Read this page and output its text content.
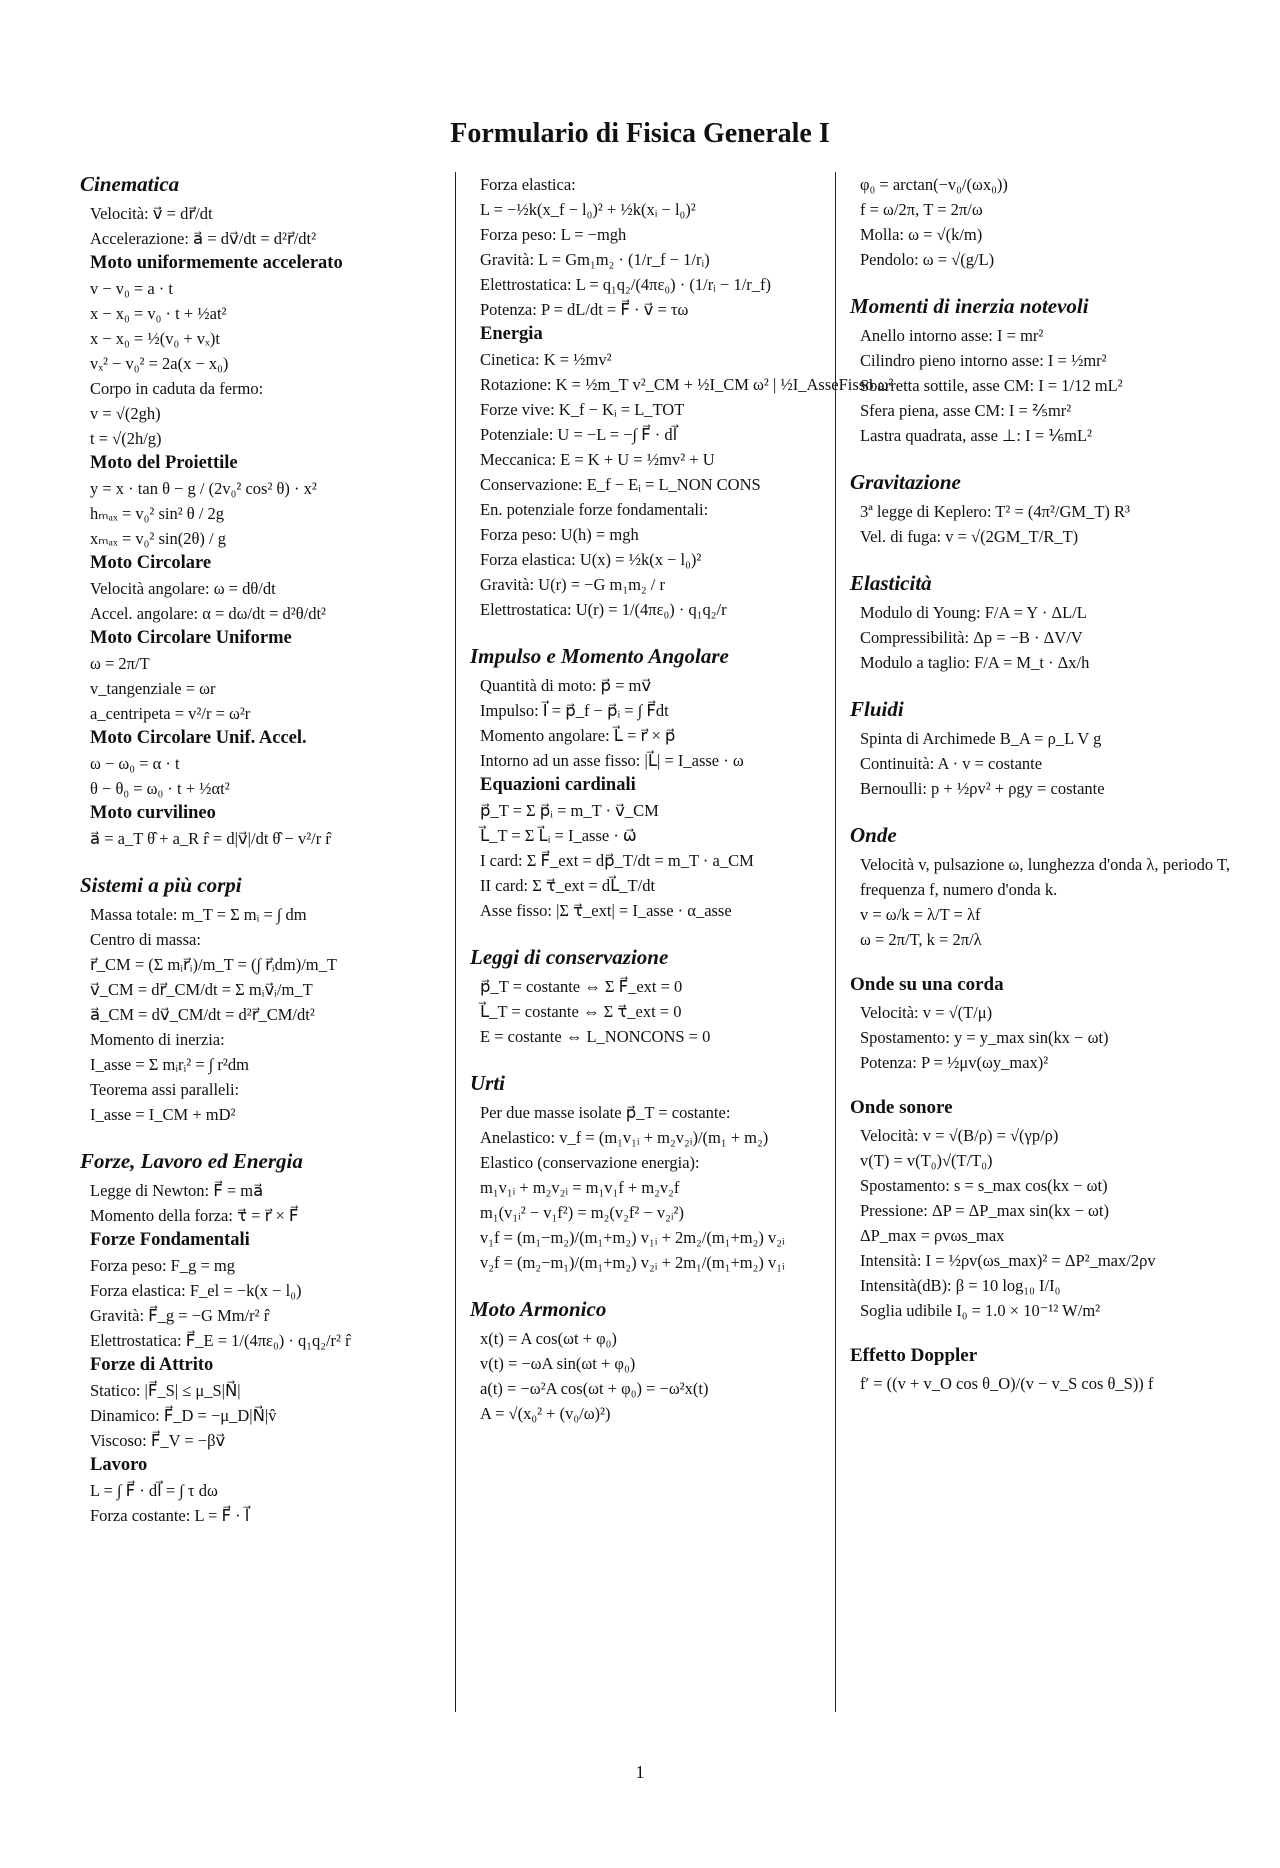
Formulario di Fisica Generale I
Cinematica
Velocità: v⃗ = dr⃗/dt
Accelerazione: a⃗ = dv⃗/dt = d²r⃗/dt²
Moto uniformemente accelerato
v − v₀ = a · t
x − x₀ = v₀ · t + ½at²
x − x₀ = ½(v₀ + vₓ)t
vₓ² − v₀² = 2a(x − x₀)
Corpo in caduta da fermo:
v = √(2gh)
t = √(2h/g)
Moto del Proiettile
y = x · tan θ − g / (2v₀² cos² θ) · x²
hₘₐₓ = v₀² sin² θ / 2g
xₘₐₓ = v₀² sin(2θ) / g
Moto Circolare
Velocità angolare: ω = dθ/dt
Accel. angolare: α = dω/dt = d²θ/dt²
Moto Circolare Uniforme
ω = 2π/T
v_tangenziale = ωr
a_centripeta = v²/r = ω²r
Moto Circolare Unif. Accel.
ω − ω₀ = α · t
θ − θ₀ = ω₀ · t + ½αt²
Moto curvilineo
a⃗ = a_T θ̂ + a_R r̂ = d|v⃗|/dt θ̂ − v²/r r̂
Sistemi a più corpi
Massa totale: m_T = Σ mᵢ = ∫ dm
Centro di massa:
r⃗_CM = (Σ mᵢr⃗ᵢ)/m_T = (∫ r⃗ᵢdm)/m_T
v⃗_CM = dr⃗_CM/dt = Σ mᵢv⃗ᵢ/m_T
a⃗_CM = dv⃗_CM/dt = d²r⃗_CM/dt²
Momento di inerzia:
I_asse = Σ mᵢrᵢ² = ∫ r²dm
Teorema assi paralleli:
I_asse = I_CM + mD²
Forze, Lavoro ed Energia
Legge di Newton: F⃗ = ma⃗
Momento della forza: τ⃗ = r⃗ × F⃗
Forze Fondamentali
Forza peso: F_g = mg
Forza elastica: F_el = −k(x − l₀)
Gravità: F⃗_g = −G Mm/r² r̂
Elettrostatica: F⃗_E = 1/(4πε₀) · q₁q₂/r² r̂
Forze di Attrito
Statico: |F⃗_S| ≤ μ_S|N⃗|
Dinamico: F⃗_D = −μ_D|N⃗|v̂
Viscoso: F⃗_V = −βv⃗
Lavoro
L = ∫ F⃗ · dl⃗ = ∫ τ dω
Forza costante: L = F⃗ · l⃗
Forza elastica:
L = −½k(x_f − l₀)² + ½k(xᵢ − l₀)²
Forza peso: L = −mgh
Gravità: L = Gm₁m₂ · (1/r_f − 1/rᵢ)
Elettrostatica: L = q₁q₂/(4πε₀) · (1/rᵢ − 1/r_f)
Potenza: P = dL/dt = F⃗ · v⃗ = τω
Energia
Cinetica: K = ½mv²
Rotazione: K = ½m_T v²_CM + ½I_CM ω² | ½I_AsseFisso ω²
Forze vive: K_f − Kᵢ = L_TOT
Potenziale: U = −L = −∫ F⃗ · dl⃗
Meccanica: E = K + U = ½mv² + U
Conservazione: E_f − Eᵢ = L_NON CONS
En. potenziale forze fondamentali:
Forza peso: U(h) = mgh
Forza elastica: U(x) = ½k(x − l₀)²
Gravità: U(r) = −G m₁m₂ / r
Elettrostatica: U(r) = 1/(4πε₀) · q₁q₂/r
Impulso e Momento Angolare
Quantità di moto: p⃗ = mv⃗
Impulso: I⃗ = p⃗_f − p⃗ᵢ = ∫ F⃗dt
Momento angolare: L⃗ = r⃗ × p⃗
Intorno ad un asse fisso: |L⃗| = I_asse · ω
Equazioni cardinali
p⃗_T = Σ p⃗ᵢ = m_T · v⃗_CM
L⃗_T = Σ L⃗ᵢ = I_asse · ω⃗
I card: Σ F⃗_ext = dp⃗_T/dt = m_T · a_CM
II card: Σ τ⃗_ext = dL⃗_T/dt
Asse fisso: |Σ τ⃗_ext| = I_asse · α_asse
Leggi di conservazione
p⃗_T = costante ⇔ Σ F⃗_ext = 0
L⃗_T = costante ⇔ Σ τ⃗_ext = 0
E = costante ⇔ L_NONCONS = 0
Urti
Per due masse isolate p⃗_T = costante:
Anelastico: v_f = (m₁v₁ᵢ + m₂v₂ᵢ)/(m₁ + m₂)
Elastico (conservazione energia):
m₁v₁ᵢ + m₂v₂ᵢ = m₁v₁f + m₂v₂f
m₁(v₁ᵢ² − v₁f²) = m₂(v₂f² − v₂ᵢ²)
v₁f = (m₁−m₂)/(m₁+m₂) v₁ᵢ + 2m₂/(m₁+m₂) v₂ᵢ
v₂f = (m₂−m₁)/(m₁+m₂) v₂ᵢ + 2m₁/(m₁+m₂) v₁ᵢ
Moto Armonico
x(t) = A cos(ωt + φ₀)
v(t) = −ωA sin(ωt + φ₀)
a(t) = −ω²A cos(ωt + φ₀) = −ω²x(t)
A = √(x₀² + (v₀/ω)²)
φ₀ = arctan(−v₀/(ωx₀))
f = ω/2π, T = 2π/ω
Molla: ω = √(k/m)
Pendolo: ω = √(g/L)
Momenti di inerzia notevoli
Anello intorno asse: I = mr²
Cilindro pieno intorno asse: I = ½mr²
Sbarretta sottile, asse CM: I = 1/12 mL²
Sfera piena, asse CM: I = ⅖mr²
Lastra quadrata, asse ⊥: I = ⅙mL²
Gravitazione
3ª legge di Keplero: T² = (4π²/GM_T) R³
Vel. di fuga: v = √(2GM_T/R_T)
Elasticità
Modulo di Young: F/A = Y · ΔL/L
Compressibilità: Δp = −B · ΔV/V
Modulo a taglio: F/A = M_t · Δx/h
Fluidi
Spinta di Archimede B_A = ρ_L V g
Continuità: A · v = costante
Bernoulli: p + ½ρv² + ρgy = costante
Onde
Velocità v, pulsazione ω, lunghezza d'onda λ, periodo T, frequenza f, numero d'onda k.
v = ω/k = λ/T = λf
ω = 2π/T, k = 2π/λ
Onde su una corda
Velocità: v = √(T/μ)
Spostamento: y = y_max sin(kx − ωt)
Potenza: P = ½μv(ωy_max)²
Onde sonore
Velocità: v = √(B/ρ) = √(γp/ρ)
v(T) = v(T₀)√(T/T₀)
Spostamento: s = s_max cos(kx − ωt)
Pressione: ΔP = ΔP_max sin(kx − ωt)
ΔP_max = ρvωs_max
Intensità: I = ½ρv(ωs_max)² = ΔP²_max/2ρv
Intensità(dB): β = 10 log₁₀ I/I₀
Soglia udibile I₀ = 1.0 × 10⁻¹² W/m²
Effetto Doppler
f′ = ((v + v_O cos θ_O)/(v − v_S cos θ_S)) f
1
